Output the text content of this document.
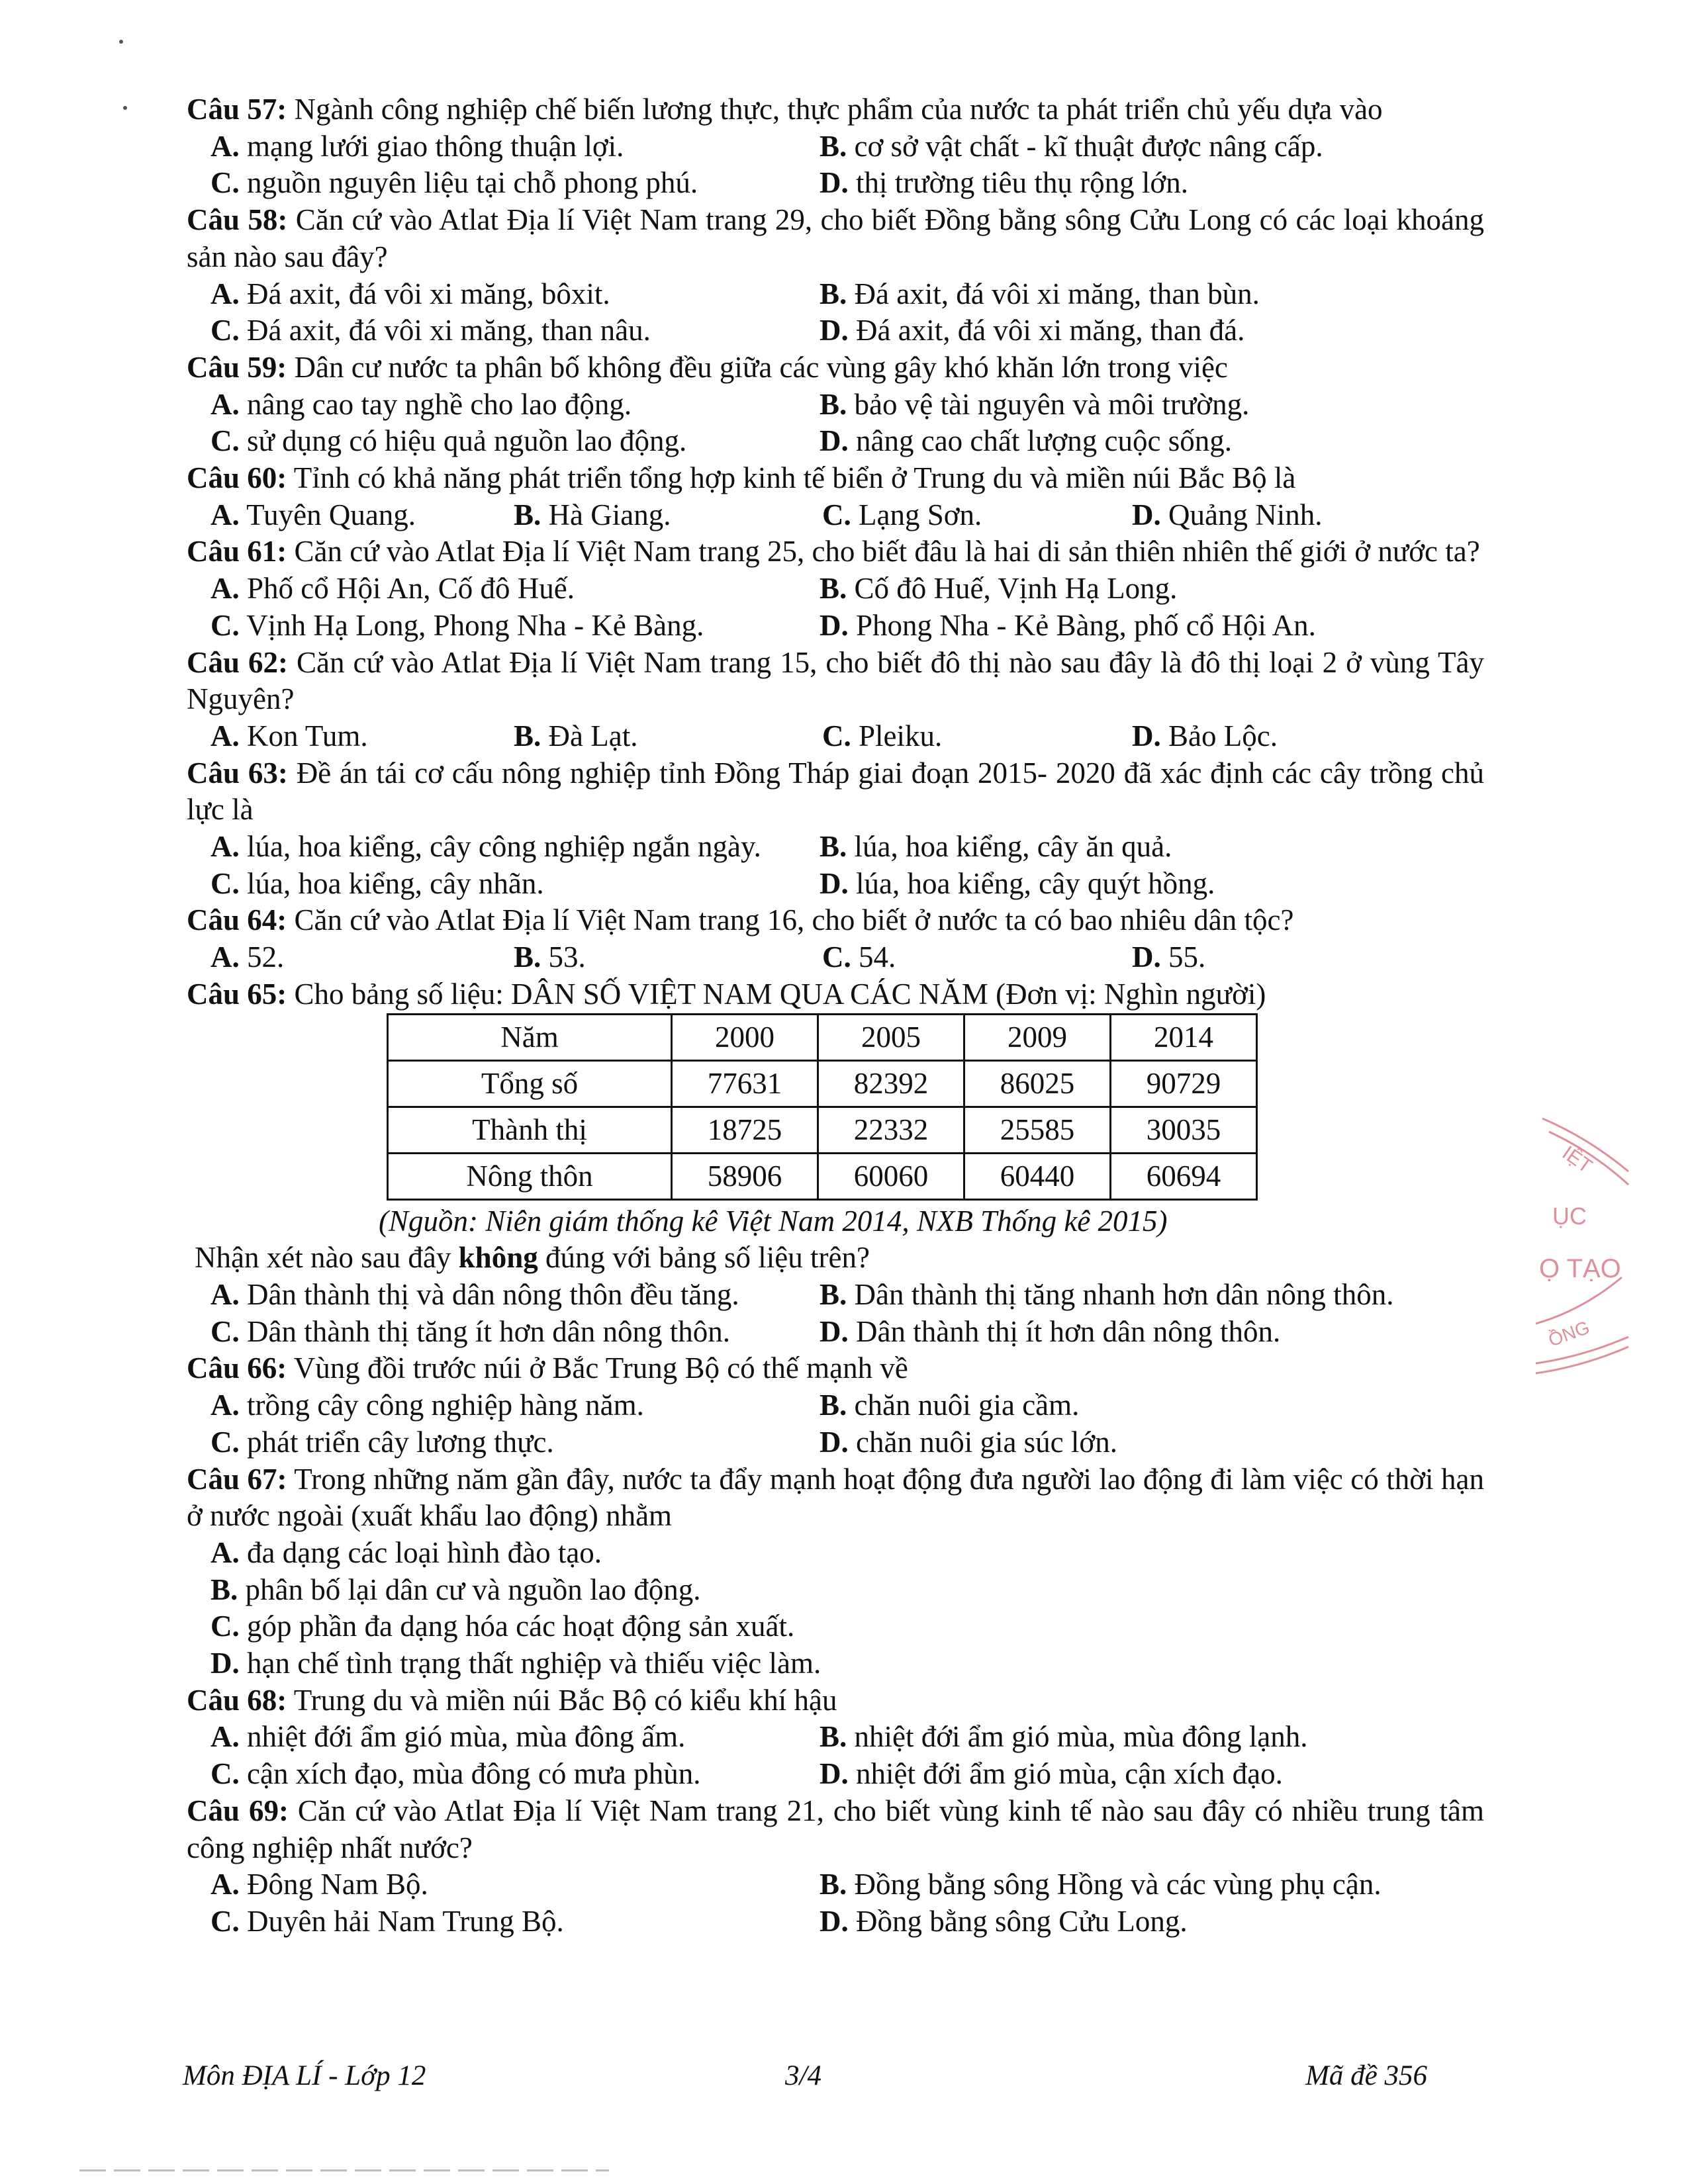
Câu 57: Ngành công nghiệp chế biến lương thực, thực phẩm của nước ta phát triển chủ yếu dựa vào

A. mạng lưới giao thông thuận lợi.	B. cơ sở vật chất - kĩ thuật được nâng cấp.
C. nguồn nguyên liệu tại chỗ phong phú.	D. thị trường tiêu thụ rộng lớn.

Câu 58: Căn cứ vào Atlat Địa lí Việt Nam trang 29, cho biết Đồng bằng sông Cửu Long có các loại khoáng sản nào sau đây?

A. Đá axit, đá vôi xi măng, bôxit.	B. Đá axit, đá vôi xi măng, than bùn.
C. Đá axit, đá vôi xi măng, than nâu.	D. Đá axit, đá vôi xi măng, than đá.

Câu 59: Dân cư nước ta phân bố không đều giữa các vùng gây khó khăn lớn trong việc

A. nâng cao tay nghề cho lao động.	B. bảo vệ tài nguyên và môi trường.
C. sử dụng có hiệu quả nguồn lao động.	D. nâng cao chất lượng cuộc sống.

Câu 60: Tỉnh có khả năng phát triển tổng hợp kinh tế biển ở Trung du và miền núi Bắc Bộ là

A. Tuyên Quang.	B. Hà Giang.	C. Lạng Sơn.	D. Quảng Ninh.

Câu 61: Căn cứ vào Atlat Địa lí Việt Nam trang 25, cho biết đâu là hai di sản thiên nhiên thế giới ở nước ta?

A. Phố cổ Hội An, Cố đô Huế.	B. Cố đô Huế, Vịnh Hạ Long.
C. Vịnh Hạ Long, Phong Nha - Kẻ Bàng.	D. Phong Nha - Kẻ Bàng, phố cổ Hội An.

Câu 62: Căn cứ vào Atlat Địa lí Việt Nam trang 15, cho biết đô thị nào sau đây là đô thị loại 2 ở vùng Tây Nguyên?

A. Kon Tum.	B. Đà Lạt.	C. Pleiku.	D. Bảo Lộc.

Câu 63: Đề án tái cơ cấu nông nghiệp tỉnh Đồng Tháp giai đoạn 2015- 2020 đã xác định các cây trồng chủ lực là

A. lúa, hoa kiểng, cây công nghiệp ngắn ngày.	B. lúa, hoa kiểng, cây ăn quả.
C. lúa, hoa kiểng, cây nhãn.	D. lúa, hoa kiểng, cây quýt hồng.

Câu 64: Căn cứ vào Atlat Địa lí Việt Nam trang 16, cho biết ở nước ta có bao nhiêu dân tộc?

A. 52.	B. 53.	C. 54.	D. 55.

Câu 65: Cho bảng số liệu: DÂN SỐ VIỆT NAM QUA CÁC NĂM (Đơn vị: Nghìn người)

Năm	2000	2005	2009	2014
Tổng số	77631	82392	86025	90729
Thành thị	18725	22332	25585	30035
Nông thôn	58906	60060	60440	60694
(Nguồn: Niên giám thống kê Việt Nam 2014, NXB Thống kê 2015)

Nhận xét nào sau đây không đúng với bảng số liệu trên?

A. Dân thành thị và dân nông thôn đều tăng.	B. Dân thành thị tăng nhanh hơn dân nông thôn.
C. Dân thành thị tăng ít hơn dân nông thôn.	D. Dân thành thị ít hơn dân nông thôn.

Câu 66: Vùng đồi trước núi ở Bắc Trung Bộ có thế mạnh về

A. trồng cây công nghiệp hàng năm.	B. chăn nuôi gia cầm.
C. phát triển cây lương thực.	D. chăn nuôi gia súc lớn.

Câu 67: Trong những năm gần đây, nước ta đẩy mạnh hoạt động đưa người lao động đi làm việc có thời hạn ở nước ngoài (xuất khẩu lao động) nhằm

A. đa dạng các loại hình đào tạo.
B. phân bố lại dân cư và nguồn lao động.
C. góp phần đa dạng hóa các hoạt động sản xuất.
D. hạn chế tình trạng thất nghiệp và thiếu việc làm.

Câu 68: Trung du và miền núi Bắc Bộ có kiểu khí hậu

A. nhiệt đới ẩm gió mùa, mùa đông ấm.	B. nhiệt đới ẩm gió mùa, mùa đông lạnh.
C. cận xích đạo, mùa đông có mưa phùn.	D. nhiệt đới ẩm gió mùa, cận xích đạo.

Câu 69: Căn cứ vào Atlat Địa lí Việt Nam trang 21, cho biết vùng kinh tế nào sau đây có nhiều trung tâm công nghiệp nhất nước?

A. Đông Nam Bộ.	B. Đồng bằng sông Hồng và các vùng phụ cận.
C. Duyên hải Nam Trung Bộ.	D. Đồng bằng sông Cửu Long.
IỆT
ỤC
Ọ TẠO
ỒNG
Môn ĐỊA LÍ - Lớp 12	3/4	Mã đề 356
